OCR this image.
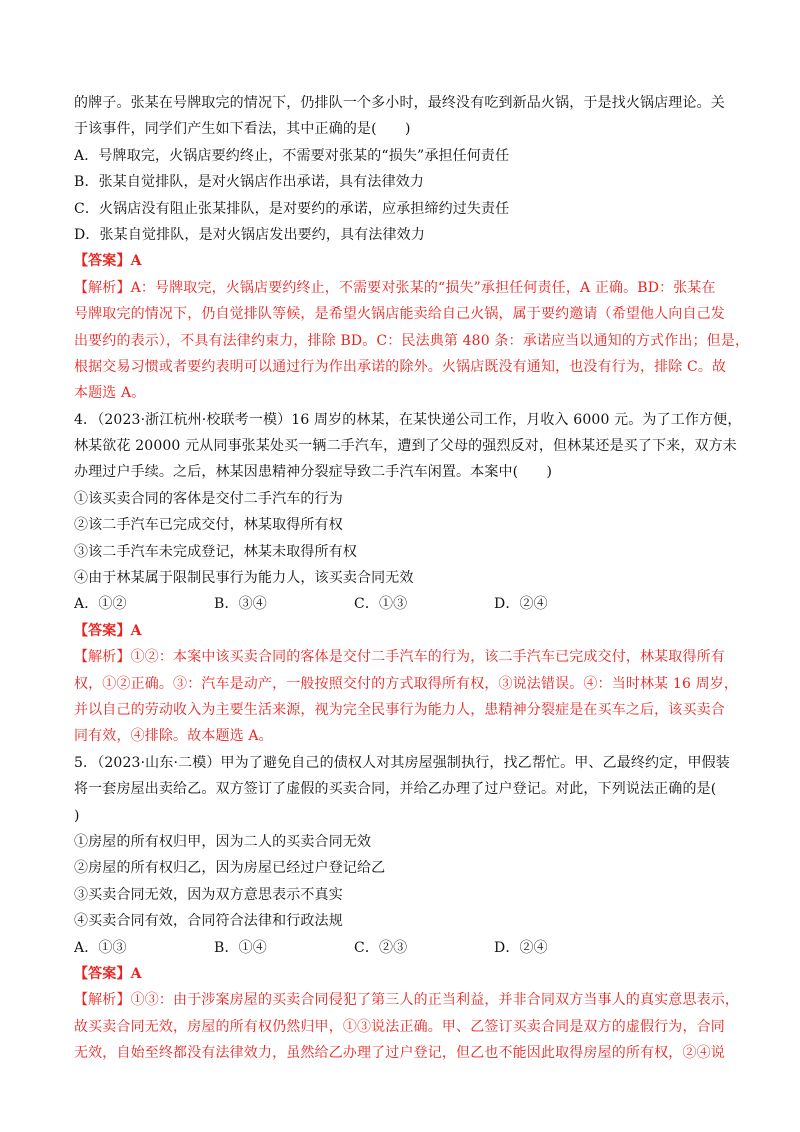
的牌子。张某在号牌取完的情况下，仍排队一个多小时，最终没有吃到新品火锅，于是找火锅店理论。关
于该事件，同学们产生如下看法，其中正确的是(　　)
A．号牌取完，火锅店要约终止，不需要对张某的“损失”承担任何责任
B．张某自觉排队，是对火锅店作出承诺，具有法律效力
C．火锅店没有阻止张某排队，是对要约的承诺，应承担缔约过失责任
D．张某自觉排队，是对火锅店发出要约，具有法律效力
【答案】A
【解析】A：号牌取完，火锅店要约终止，不需要对张某的“损失”承担任何责任，A 正确。BD：张某在
号牌取完的情况下，仍自觉排队等候，是希望火锅店能卖给自己火锅，属于要约邀请（希望他人向自己发
出要约的表示），不具有法律约束力，排除 BD。C：民法典第 480 条：承诺应当以通知的方式作出；但是，
根据交易习惯或者要约表明可以通过行为作出承诺的除外。火锅店既没有通知，也没有行为，排除 C。故
本题选 A。
4．（2023·浙江杭州·校联考一模）16 周岁的林某，在某快递公司工作，月收入 6000 元。为了工作方便，
林某欲花 20000 元从同事张某处买一辆二手汽车，遭到了父母的强烈反对，但林某还是买了下来，双方未
办理过户手续。之后，林某因患精神分裂症导致二手汽车闲置。本案中(　　)
①该买卖合同的客体是交付二手汽车的行为
②该二手汽车已完成交付，林某取得所有权
③该二手汽车未完成登记，林某未取得所有权
④由于林某属于限制民事行为能力人，该买卖合同无效
A．①②	B．③④	C．①③	D．②④
【答案】A
【解析】①②：本案中该买卖合同的客体是交付二手汽车的行为，该二手汽车已完成交付，林某取得所有
权，①②正确。③：汽车是动产，一般按照交付的方式取得所有权，③说法错误。④：当时林某 16 周岁，
并以自己的劳动收入为主要生活来源，视为完全民事行为能力人，患精神分裂症是在买车之后，该买卖合
同有效，④排除。故本题选 A。
5．（2023·山东·二模）甲为了避免自己的债权人对其房屋强制执行，找乙帮忙。甲、乙最终约定，甲假装
将一套房屋出卖给乙。双方签订了虚假的买卖合同，并给乙办理了过户登记。对此，下列说法正确的是(
)
①房屋的所有权归甲，因为二人的买卖合同无效
②房屋的所有权归乙，因为房屋已经过户登记给乙
③买卖合同无效，因为双方意思表示不真实
④买卖合同有效，合同符合法律和行政法规
A．①③	B．①④	C．②③	D．②④
【答案】A
【解析】①③：由于涉案房屋的买卖合同侵犯了第三人的正当利益，并非合同双方当事人的真实意思表示，
故买卖合同无效，房屋的所有权仍然归甲，①③说法正确。甲、乙签订买卖合同是双方的虚假行为，合同
无效，自始至终都没有法律效力，虽然给乙办理了过户登记，但乙也不能因此取得房屋的所有权，②④说
